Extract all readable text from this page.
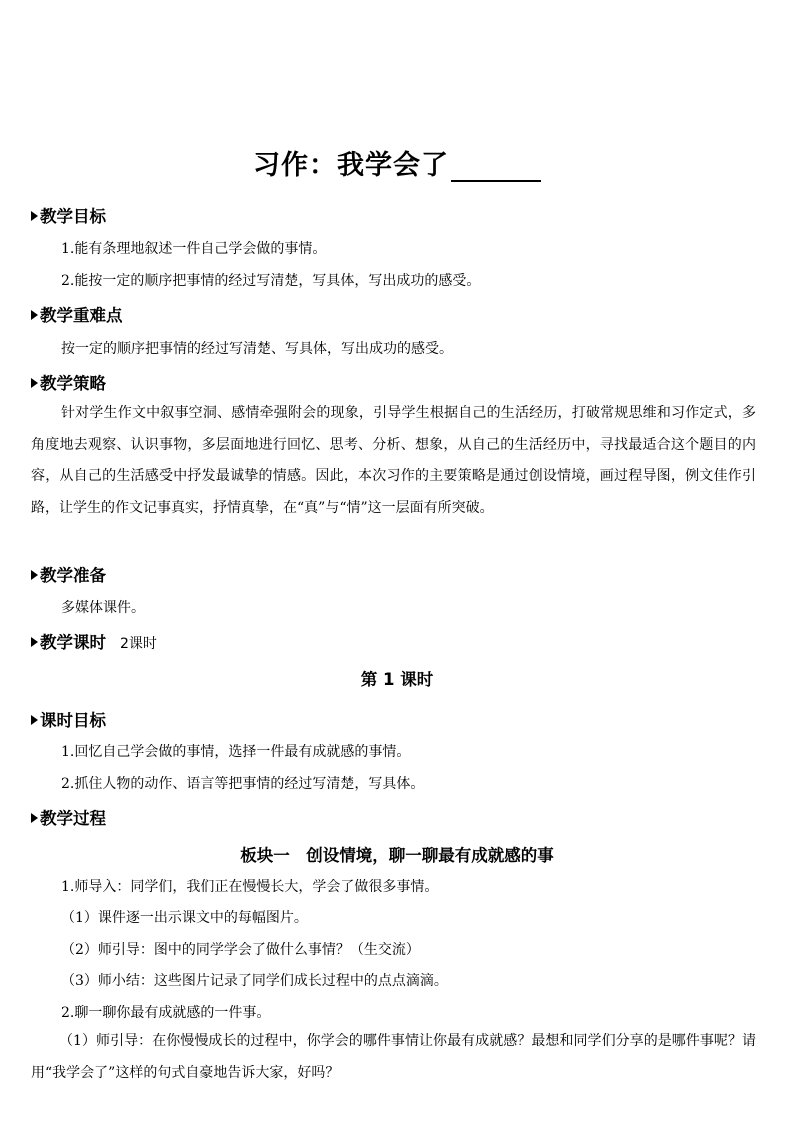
习作：我学会了
教学目标
1.能有条理地叙述一件自己学会做的事情。
2.能按一定的顺序把事情的经过写清楚，写具体，写出成功的感受。
教学重难点
按一定的顺序把事情的经过写清楚、写具体，写出成功的感受。
教学策略
针对学生作文中叙事空洞、感情牵强附会的现象，引导学生根据自己的生活经历，打破常规思维和习作定式，多角度地去观察、认识事物，多层面地进行回忆、思考、分析、想象，从自己的生活经历中，寻找最适合这个题目的内容，从自己的生活感受中抒发最诚挚的情感。因此，本次习作的主要策略是通过创设情境，画过程导图，例文佳作引路，让学生的作文记事真实，抒情真挚，在“真”与“情”这一层面有所突破。
教学准备
多媒体课件。
教学课时 2课时
第 1 课时
课时目标
1.回忆自己学会做的事情，选择一件最有成就感的事情。
2.抓住人物的动作、语言等把事情的经过写清楚，写具体。
教学过程
板块一　创设情境，聊一聊最有成就感的事
1.师导入：同学们，我们正在慢慢长大，学会了做很多事情。
（1）课件逐一出示课文中的每幅图片。
（2）师引导：图中的同学学会了做什么事情？（生交流）
（3）师小结：这些图片记录了同学们成长过程中的点点滴滴。
2.聊一聊你最有成就感的一件事。
（1）师引导：在你慢慢成长的过程中，你学会的哪件事情让你最有成就感？最想和同学们分享的是哪件事呢？请用“我学会了”这样的句式自豪地告诉大家，好吗？
